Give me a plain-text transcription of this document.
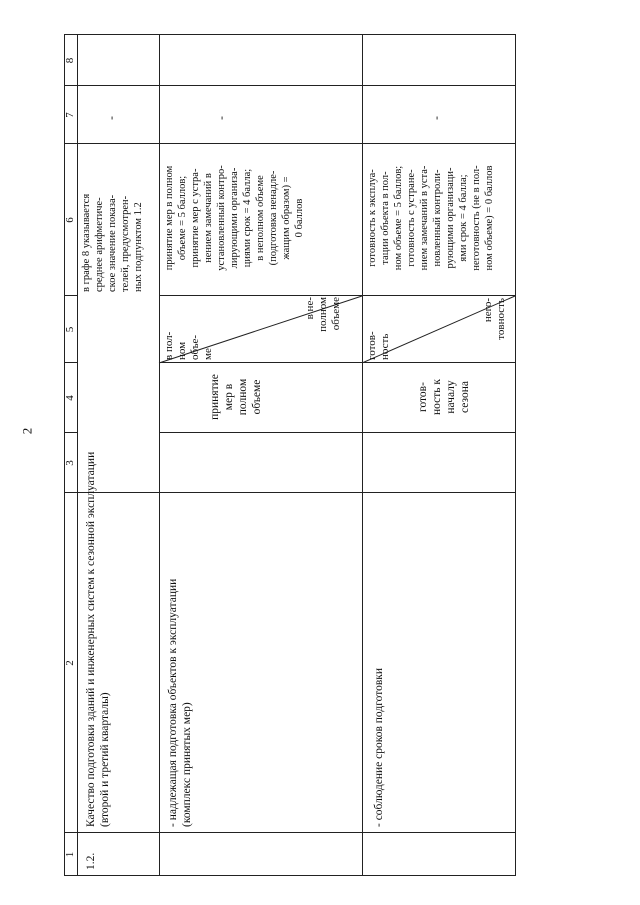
2
1
2
3
4
5
6
7
8
1.2.
Качество подготовки зданий и инженерных систем к сезонной эксплуатации
(второй и третий кварталы)
в графе 8 указывается
среднее арифметиче-
ское значение показа-
телей, предусмотрен-
ных подпунктом 1.2
-
- надлежащая подготовка объектов к эксплуатации
(комплекс принятых мер)
принятие
мер в
полном
объеме
в пол-
ном
объе-
ме
в не-
полном
объеме
принятие мер в полном
объеме = 5 баллов;
принятие мер с устра-
нением замечаний в
установленный контро-
лирующими организа-
циями срок = 4 балла;
в неполном объеме
(подготовка ненадле-
жащим образом) =
0 баллов
-
- соблюдение сроков подготовки
готов-
ность к
началу
сезона
готов-
ность
него-
товность
готовность к эксплуа-
тации объекта в пол-
ном объеме = 5 баллов;
готовность с устране-
нием замечаний в уста-
новленный контроли-
рующими организаци-
ями срок = 4 балла;
неготовность (не в пол-
ном объеме) = 0 баллов
-
